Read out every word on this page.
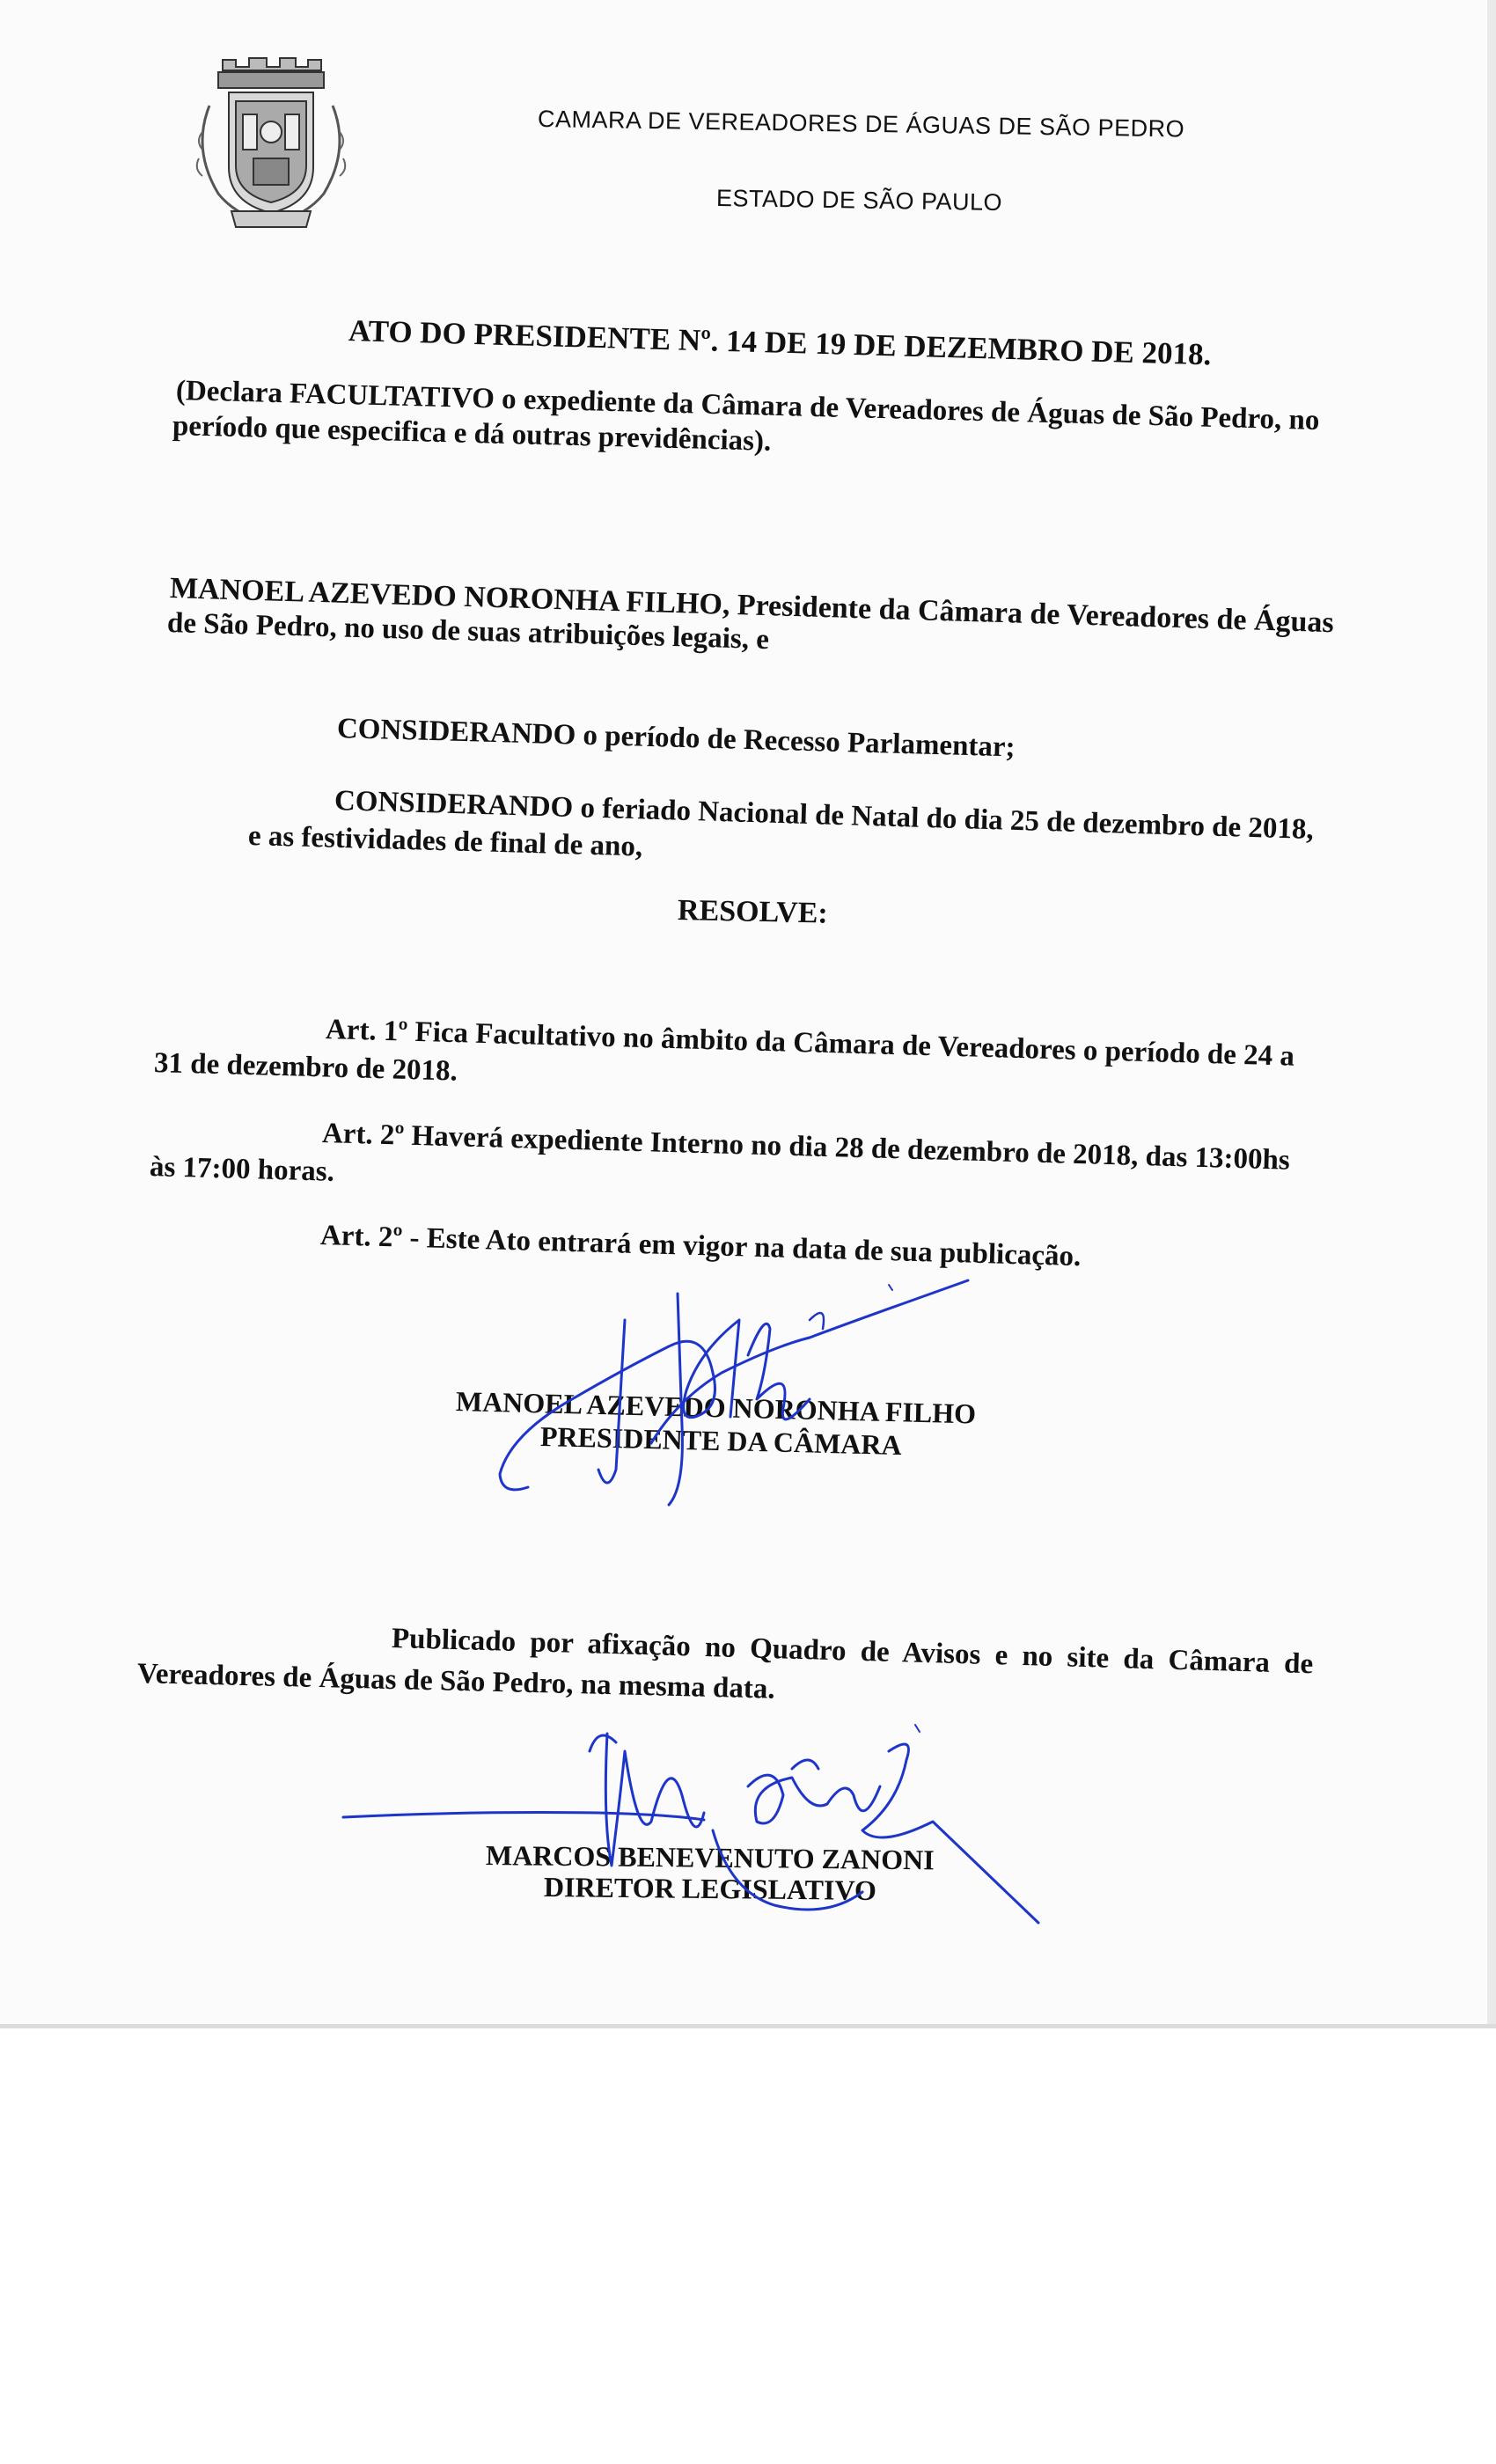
CAMARA DE VEREADORES DE ÁGUAS DE SÃO PEDRO
ESTADO DE SÃO PAULO
ATO DO PRESIDENTE Nº. 14 DE 19 DE DEZEMBRO DE 2018.
(Declara FACULTATIVO o expediente da Câmara de Vereadores de Águas de São Pedro, no
período que especifica e dá outras previdências).
MANOEL AZEVEDO NORONHA FILHO, Presidente da Câmara de Vereadores de Águas
de São Pedro, no uso de suas atribuições legais, e
CONSIDERANDO o período de Recesso Parlamentar;
CONSIDERANDO o feriado Nacional de Natal do dia 25 de dezembro de 2018,
e as festividades de final de ano,
RESOLVE:
Art. 1º Fica Facultativo no âmbito da Câmara de Vereadores o período de 24 a
31 de dezembro de 2018.
Art. 2º Haverá expediente Interno no dia 28 de dezembro de 2018, das 13:00hs
às 17:00 horas.
Art. 2º - Este Ato entrará em vigor na data de sua publicação.
MANOEL AZEVEDO NORONHA FILHO
PRESIDENTE DA CÂMARA
Publicado por afixação no Quadro de Avisos e no site da Câmara de
Vereadores de Águas de São Pedro, na mesma data.
MARCOS BENEVENUTO ZANONI
DIRETOR LEGISLATIVO
